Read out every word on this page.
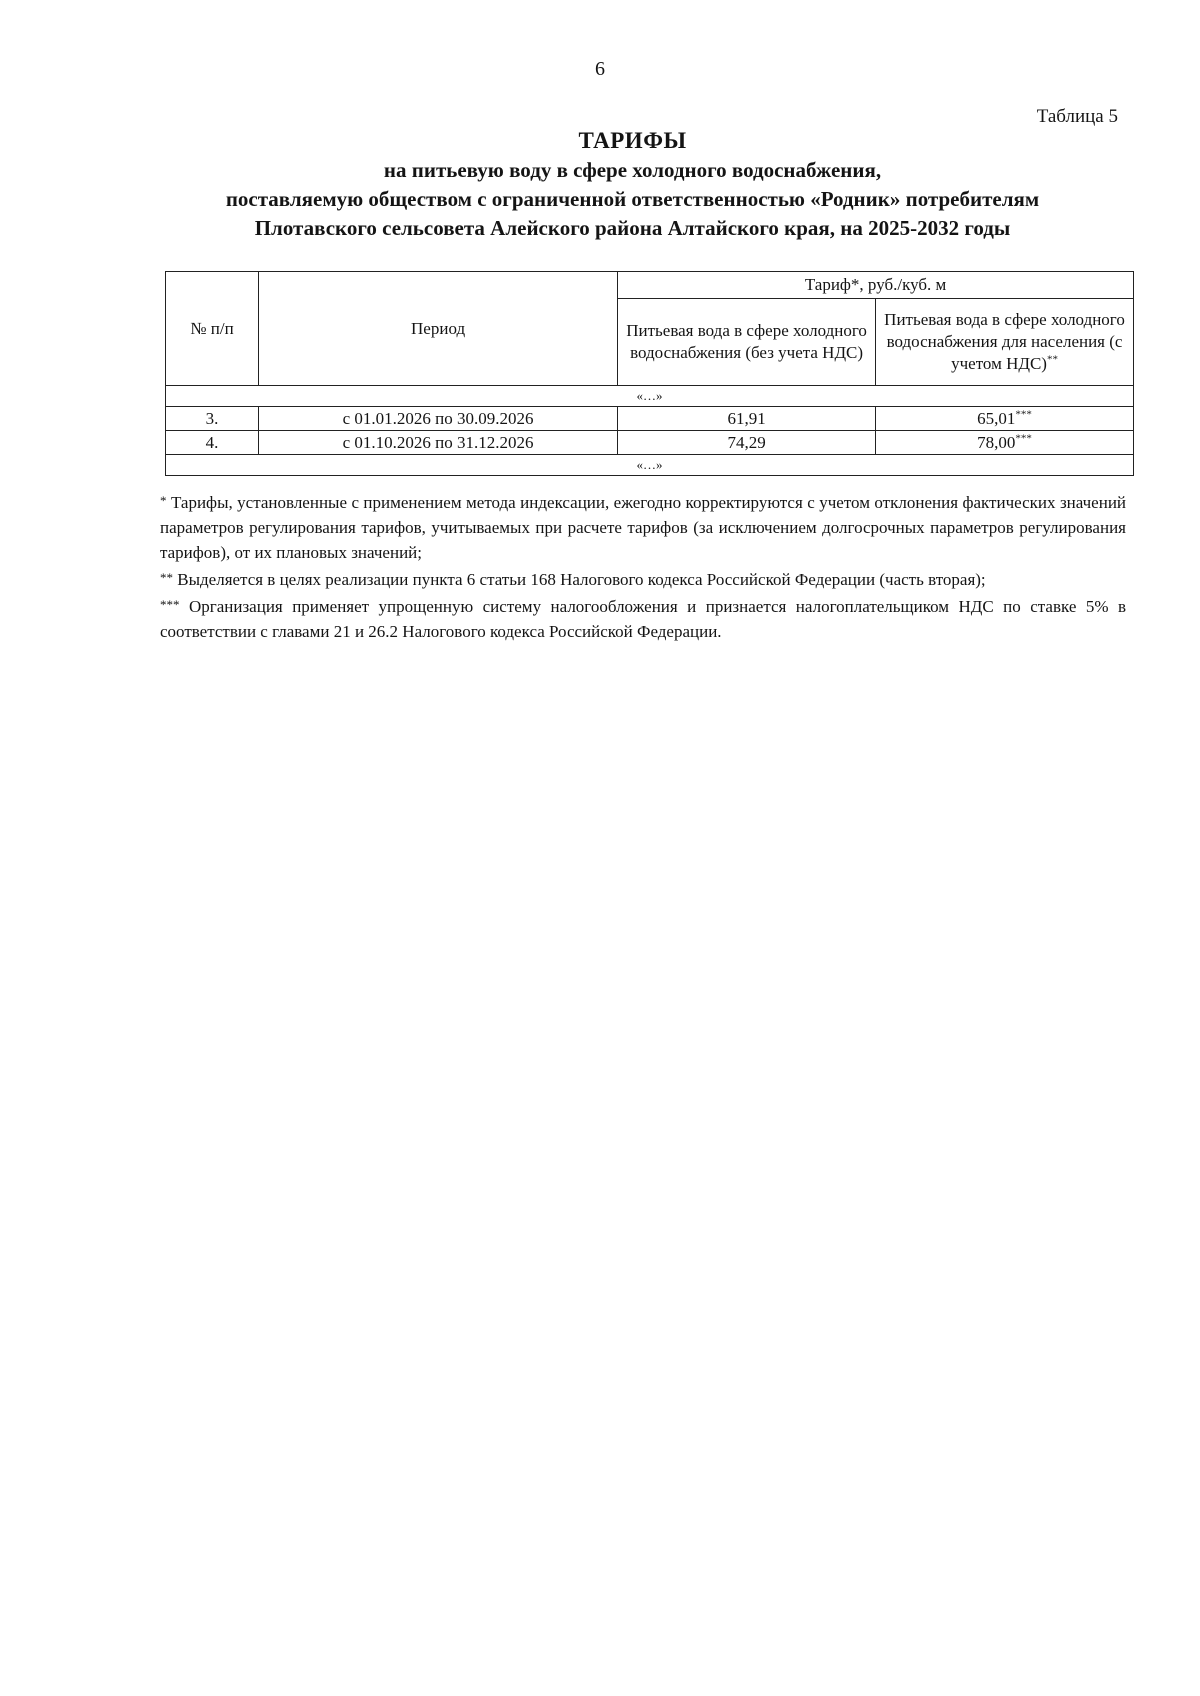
6
Таблица 5
ТАРИФЫ
на питьевую воду в сфере холодного водоснабжения,
поставляемую обществом с ограниченной ответственностью «Родник» потребителям
Плотавского сельсовета Алейского района Алтайского края, на 2025-2032 годы
№ п/п	Период	Тариф*, руб./куб. м	
		Питьевая вода в сфере холодного водоснабжения (без учета НДС)	Питьевая вода в сфере холодного водоснабжения для населения (с учетом НДС)**
«…»			
3.	с 01.01.2026 по 30.09.2026	61,91	65,01***
4.	с 01.10.2026 по 31.12.2026	74,29	78,00***
«…»			

* Тарифы, установленные с применением метода индексации, ежегодно корректируются с учетом отклонения фактических значений параметров регулирования тарифов, учитываемых при расчете тарифов (за исключением долгосрочных параметров регулирования тарифов), от их плановых значений;

** Выделяется в целях реализации пункта 6 статьи 168 Налогового кодекса Российской Федерации (часть вторая);

*** Организация применяет упрощенную систему налогообложения и признается налогоплательщиком НДС по ставке 5% в соответствии с главами 21 и 26.2 Налогового кодекса Российской Федерации.
